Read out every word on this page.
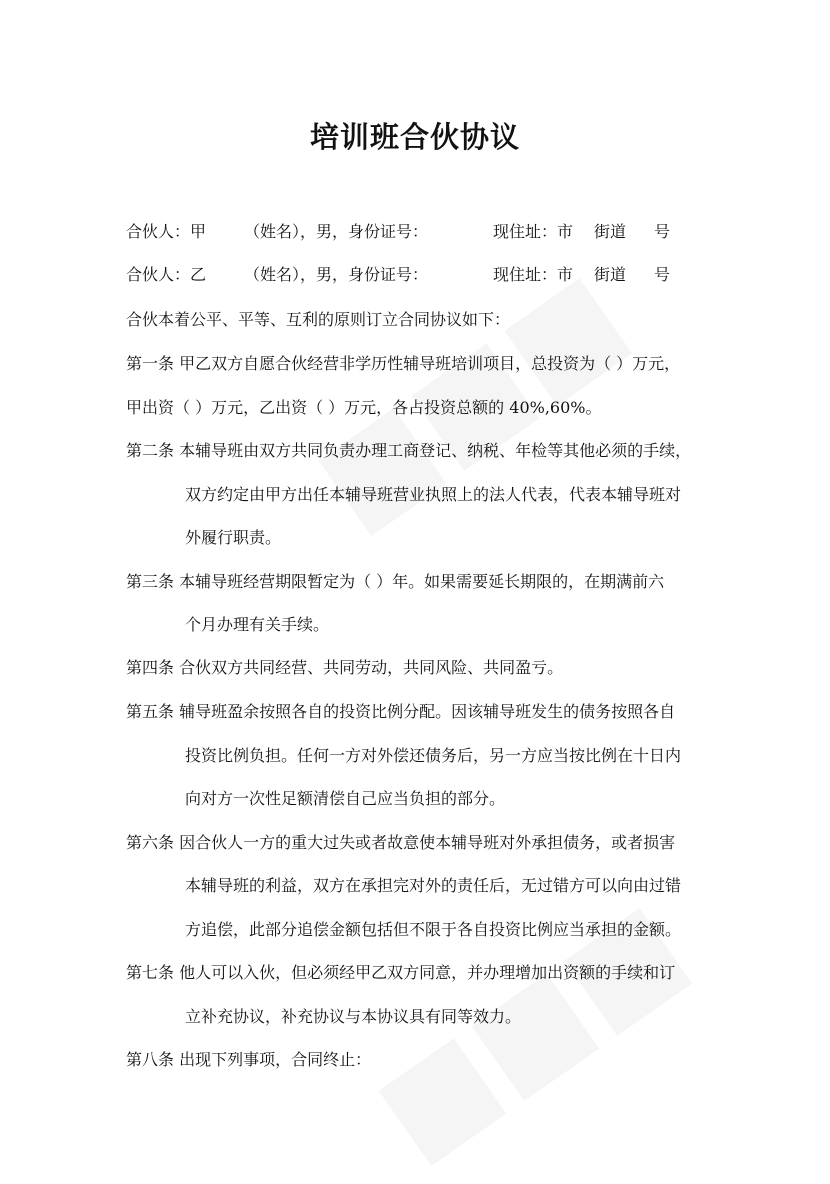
培训班合伙协议
合伙人：甲 （姓名），男，身份证号：	现住址：市 街道 号
合伙人：乙 （姓名），男，身份证号：	现住址：市 街道 号
合伙本着公平、平等、互利的原则订立合同协议如下：
第一条 甲乙双方自愿合伙经营非学历性辅导班培训项目，总投资为（ ）万元，
甲出资（ ）万元，乙出资（ ）万元，各占投资总额的 40%,60%。
第二条 本辅导班由双方共同负责办理工商登记、纳税、年检等其他必须的手续，
双方约定由甲方出任本辅导班营业执照上的法人代表，代表本辅导班对
外履行职责。
第三条 本辅导班经营期限暂定为（ ）年。如果需要延长期限的，在期满前六
个月办理有关手续。
第四条 合伙双方共同经营、共同劳动，共同风险、共同盈亏。
第五条 辅导班盈余按照各自的投资比例分配。因该辅导班发生的债务按照各自
投资比例负担。任何一方对外偿还债务后，另一方应当按比例在十日内
向对方一次性足额清偿自己应当负担的部分。
第六条 因合伙人一方的重大过失或者故意使本辅导班对外承担债务，或者损害
本辅导班的利益，双方在承担完对外的责任后，无过错方可以向由过错
方追偿，此部分追偿金额包括但不限于各自投资比例应当承担的金额。
第七条 他人可以入伙，但必须经甲乙双方同意，并办理增加出资额的手续和订
立补充协议，补充协议与本协议具有同等效力。
第八条 出现下列事项，合同终止：
